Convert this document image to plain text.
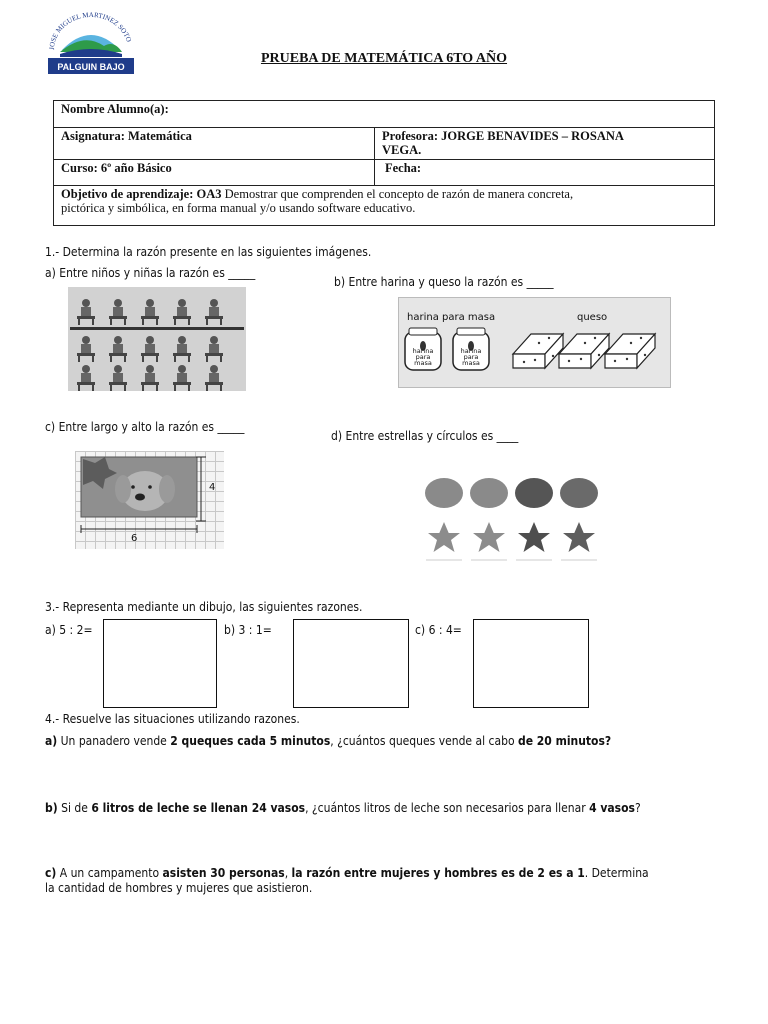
JOSE MIGUEL MARTINEZ SOTO
PALGUIN BAJO
PRUEBA DE MATEMÁTICA 6TO AÑO
Nombre Alumno(a):	
Asignatura: Matemática	Profesora: JORGE BENAVIDES – ROSANA
VEGA.
Curso: 6º año Básico	Fecha:
Objetivo de aprendizaje: OA3 Demostrar que comprenden el concepto de razón de manera concreta,
pictórica y simbólica, en forma manual y/o usando software educativo.	
1.- Determina la razón presente en las siguientes imágenes.
a) Entre niños y niñas la razón es _____
b) Entre harina y queso la razón es _____
harina para masa	queso
harina
para masa
harina
para masa
c) Entre largo y alto la razón es _____
d) Entre estrellas y círculos es ____
4
6
3.- Representa mediante un dibujo, las siguientes razones.
a) 5 : 2=	b) 3 : 1=	c) 6 : 4=
4.- Resuelve las situaciones utilizando razones.
a) Un panadero vende 2 queques cada 5 minutos, ¿cuántos queques vende al cabo de 20 minutos?
b) Si de 6 litros de leche se llenan 24 vasos, ¿cuántos litros de leche son necesarios para llenar 4 vasos?
c) A un campamento asisten 30 personas, la razón entre mujeres y hombres es de 2 es a 1. Determina
la cantidad de hombres y mujeres que asistieron.
